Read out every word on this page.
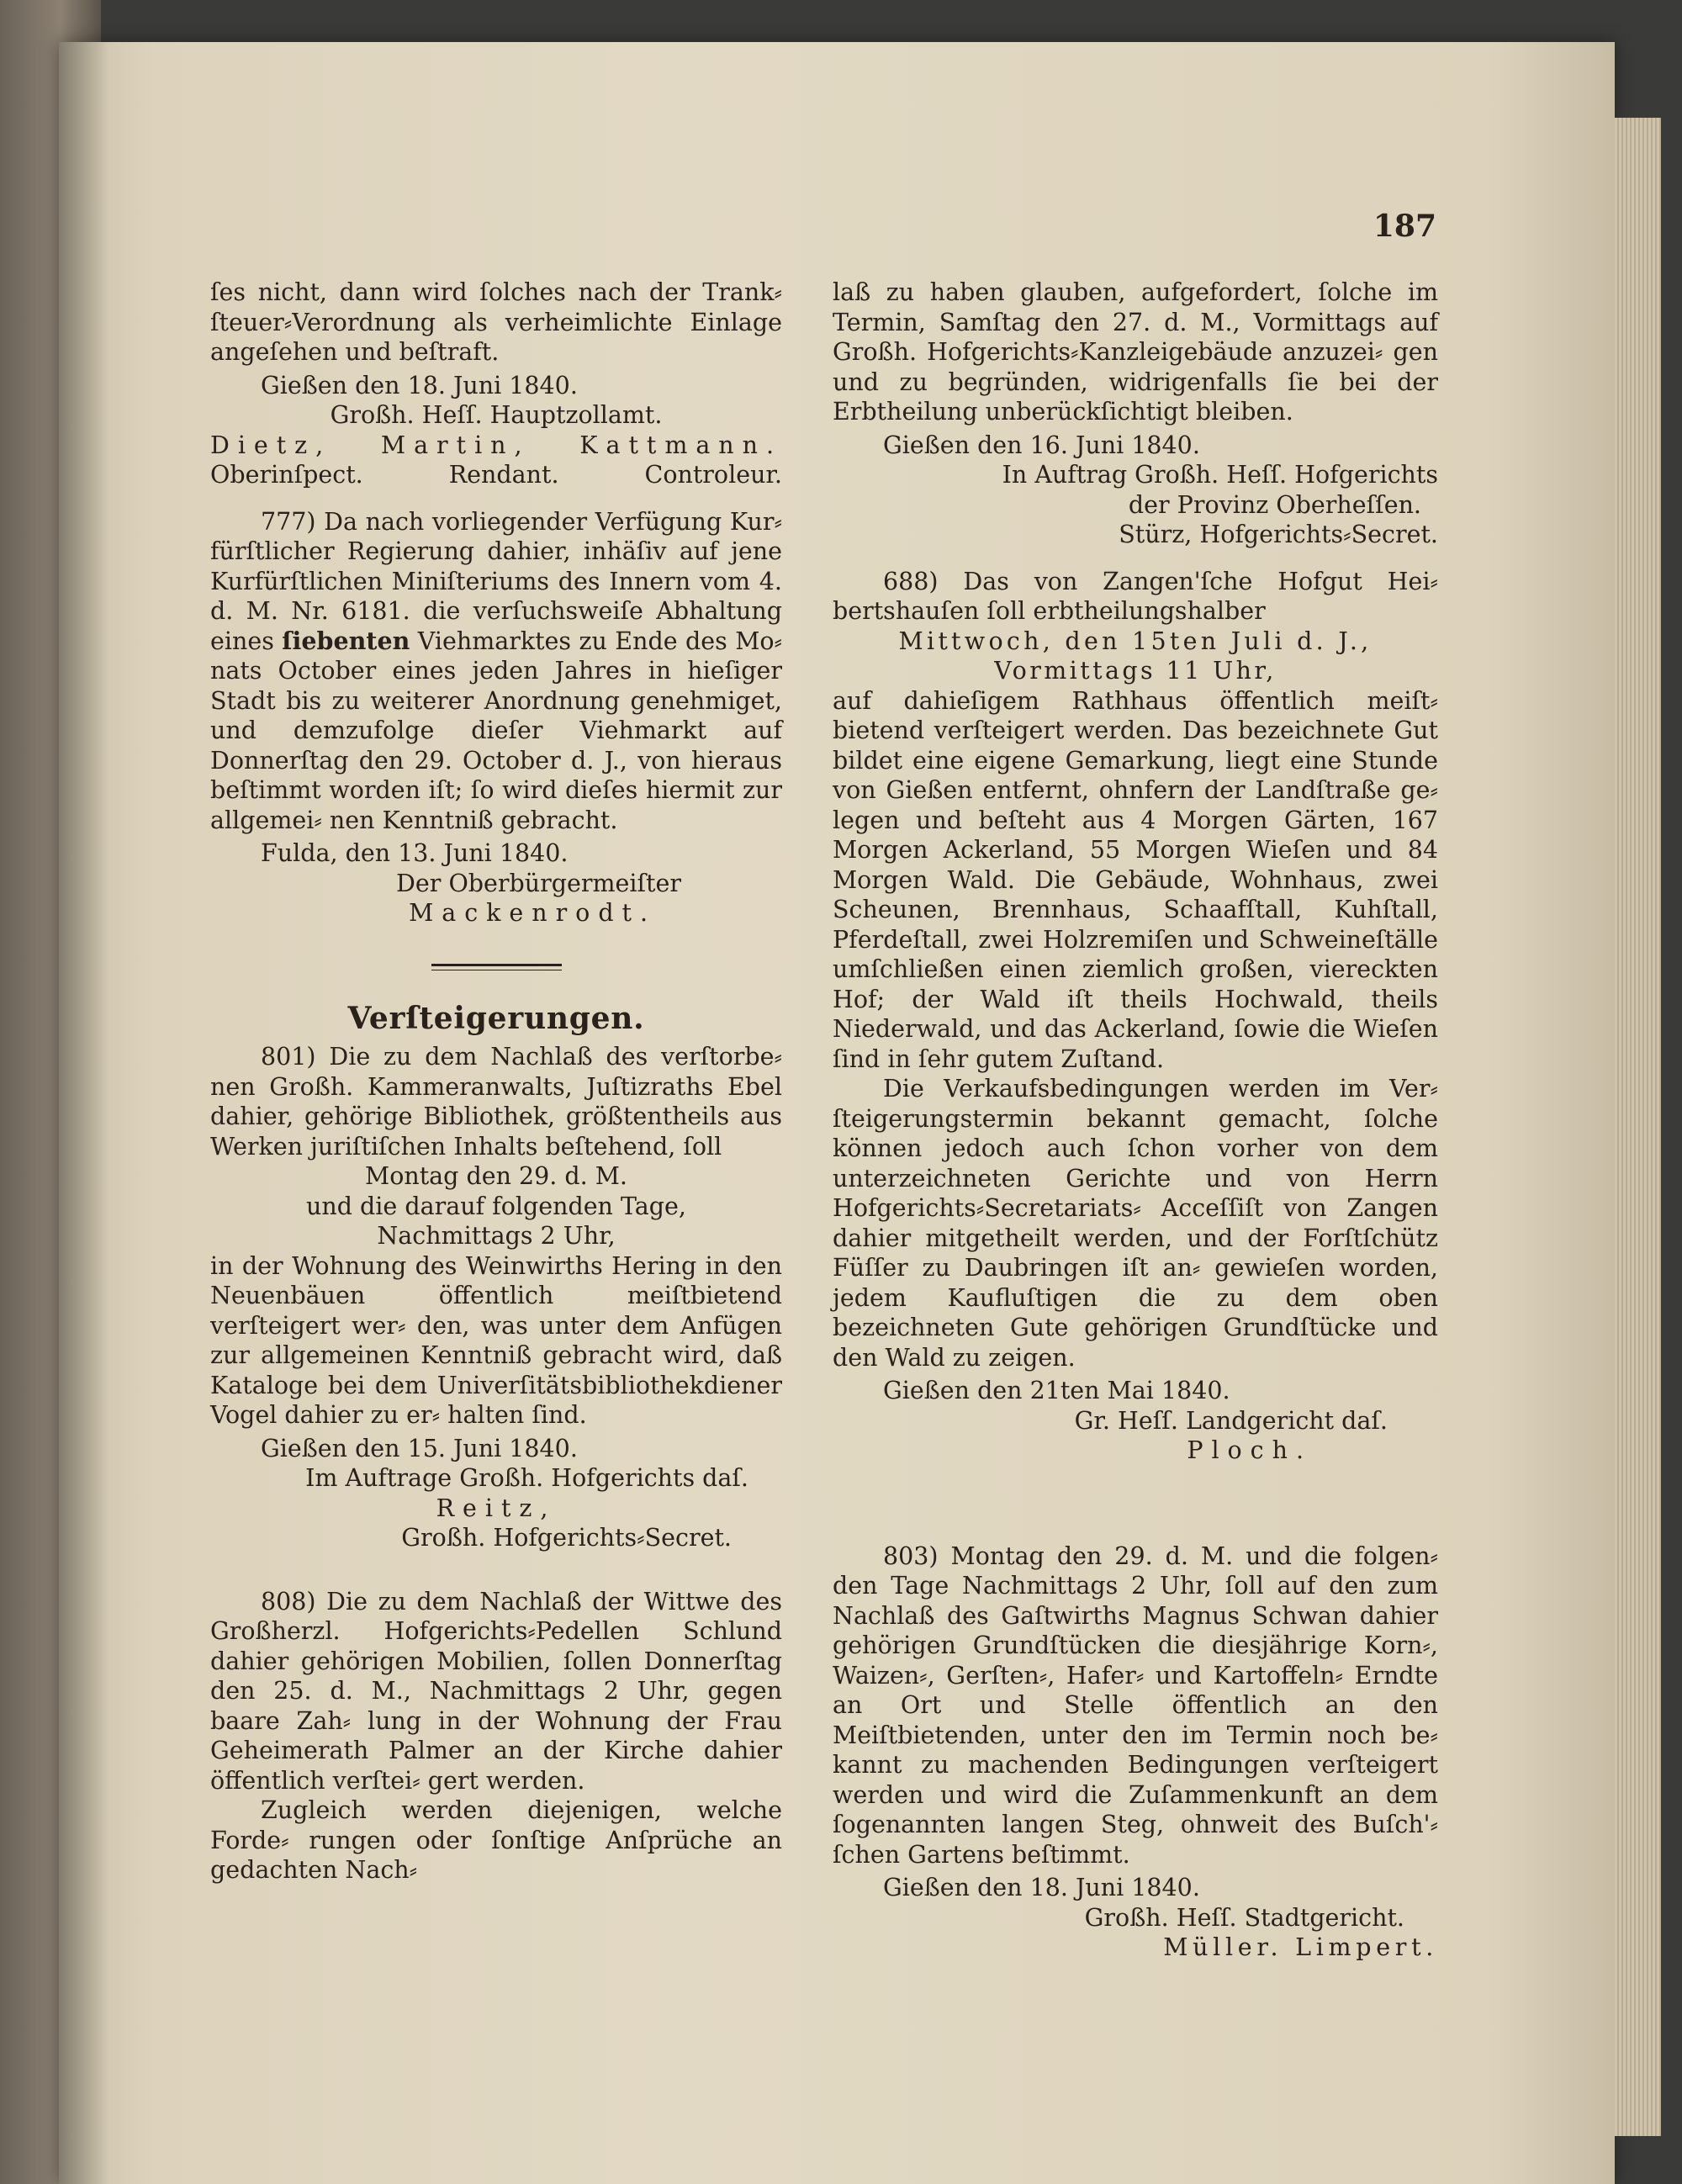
187

ſes nicht, dann wird ſolches nach der Trank⸗ ſteuer⸗Verordnung als verheimlichte Einlage angeſehen und beſtraft.

Gießen den 18. Juni 1840.

Großh. Heſſ. Hauptzollamt.

Dietz, Martin, Kattmann.
Oberinſpect.	Rendant.	Controleur.

777) Da nach vorliegender Verfügung Kur⸗ fürſtlicher Regierung dahier, inhäſiv auf jene Kurfürſtlichen Miniſteriums des Innern vom 4. d. M. Nr. 6181. die verſuchsweiſe Abhaltung eines ſiebenten Viehmarktes zu Ende des Mo⸗ nats October eines jeden Jahres in hieſiger Stadt bis zu weiterer Anordnung genehmiget, und demzufolge dieſer Viehmarkt auf Donnerſtag den 29. October d. J., von hieraus beſtimmt worden iſt; ſo wird dieſes hiermit zur allgemei⸗ nen Kenntniß gebracht.

Fulda, den 13. Juni 1840.

Der Oberbürgermeiſter

Mackenrodt.

Verſteigerungen.

801) Die zu dem Nachlaß des verſtorbe⸗ nen Großh. Kammeranwalts, Juſtizraths Ebel dahier, gehörige Bibliothek, größtentheils aus Werken juriſtiſchen Inhalts beſtehend, ſoll

Montag den 29. d. M.

und die darauf folgenden Tage,

Nachmittags 2 Uhr,

in der Wohnung des Weinwirths Hering in den Neuenbäuen öffentlich meiſtbietend verſteigert wer⸗ den, was unter dem Anfügen zur allgemeinen Kenntniß gebracht wird, daß Kataloge bei dem Univerſitätsbibliothekdiener Vogel dahier zu er⸗ halten ſind.

Gießen den 15. Juni 1840.

Im Auftrage Großh. Hofgerichts daſ.

Reitz,

Großh. Hofgerichts⸗Secret.

808) Die zu dem Nachlaß der Wittwe des Großherzl. Hofgerichts⸗Pedellen Schlund dahier gehörigen Mobilien, ſollen Donnerſtag den 25. d. M., Nachmittags 2 Uhr, gegen baare Zah⸗ lung in der Wohnung der Frau Geheimerath Palmer an der Kirche dahier öffentlich verſtei⸗ gert werden.

Zugleich werden diejenigen, welche Forde⸗ rungen oder ſonſtige Anſprüche an gedachten Nach⸗

laß zu haben glauben, aufgefordert, ſolche im Termin, Samſtag den 27. d. M., Vormittags auf Großh. Hofgerichts⸗Kanzleigebäude anzuzei⸗ gen und zu begründen, widrigenfalls ſie bei der Erbtheilung unberückſichtigt bleiben.

Gießen den 16. Juni 1840.

In Auftrag Großh. Heſſ. Hofgerichts

der Provinz Oberheſſen.

Stürz, Hofgerichts⸗Secret.

688) Das von Zangen'ſche Hofgut Hei⸗ bertshauſen ſoll erbtheilungshalber

Mittwoch, den 15ten Juli d. J.,

Vormittags 11 Uhr,

auf dahieſigem Rathhaus öffentlich meiſt⸗ bietend verſteigert werden. Das bezeichnete Gut bildet eine eigene Gemarkung, liegt eine Stunde von Gießen entfernt, ohnfern der Landſtraße ge⸗ legen und beſteht aus 4 Morgen Gärten, 167 Morgen Ackerland, 55 Morgen Wieſen und 84 Morgen Wald. Die Gebäude, Wohnhaus, zwei Scheunen, Brennhaus, Schaafſtall, Kuhſtall, Pferdeſtall, zwei Holzremiſen und Schweineſtälle umſchließen einen ziemlich großen, viereckten Hof; der Wald iſt theils Hochwald, theils Niederwald, und das Ackerland, ſowie die Wieſen ſind in ſehr gutem Zuſtand.

Die Verkaufsbedingungen werden im Ver⸗ ſteigerungstermin bekannt gemacht, ſolche können jedoch auch ſchon vorher von dem unterzeichneten Gerichte und von Herrn Hofgerichts⸗Secretariats⸗ Acceſſiſt von Zangen dahier mitgetheilt werden, und der Forſtſchütz Füſſer zu Daubringen iſt an⸗ gewieſen worden, jedem Kaufluſtigen die zu dem oben bezeichneten Gute gehörigen Grundſtücke und den Wald zu zeigen.

Gießen den 21ten Mai 1840.

Gr. Heſſ. Landgericht daſ.

Ploch.

803) Montag den 29. d. M. und die folgen⸗ den Tage Nachmittags 2 Uhr, ſoll auf den zum Nachlaß des Gaſtwirths Magnus Schwan dahier gehörigen Grundſtücken die diesjährige Korn⸗, Waizen⸗, Gerſten⸗, Hafer⸗ und Kartoffeln⸗ Erndte an Ort und Stelle öffentlich an den Meiſtbietenden, unter den im Termin noch be⸗ kannt zu machenden Bedingungen verſteigert werden und wird die Zuſammenkunft an dem ſogenannten langen Steg, ohnweit des Buſch'⸗ ſchen Gartens beſtimmt.

Gießen den 18. Juni 1840.

Großh. Heſſ. Stadtgericht.

Müller. Limpert.
